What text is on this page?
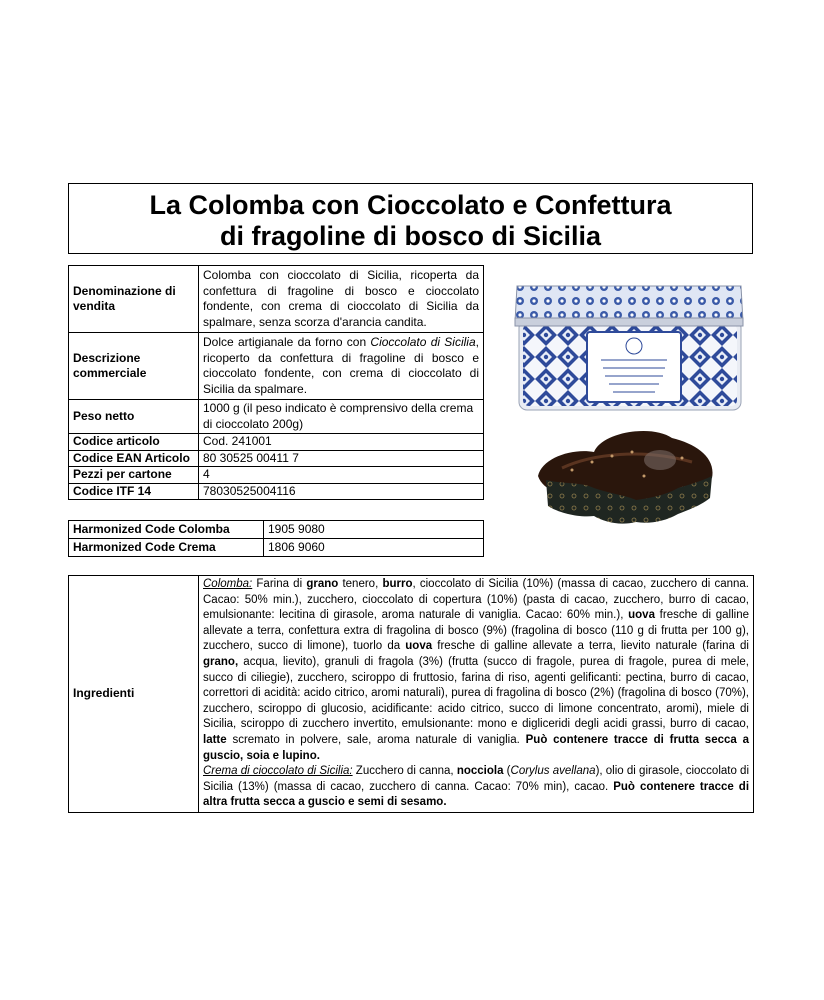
La Colomba con Cioccolato e Confettura
di fragoline di bosco di Sicilia
Denominazione di vendita	Colomba con cioccolato di Sicilia, ricoperta da confettura di fragoline di bosco e cioccolato fondente, con crema di cioccolato di Sicilia da spalmare, senza scorza d'arancia candita.
Descrizione commerciale	Dolce artigianale da forno con Cioccolato di Sicilia, ricoperto da confettura di fragoline di bosco e cioccolato fondente, con crema di cioccolato di Sicilia da spalmare.
Peso netto	1000 g (il peso indicato è comprensivo della crema di cioccolato 200g)
Codice articolo	Cod. 241001
Codice EAN Articolo	80 30525 00411 7
Pezzi per cartone	4
Codice ITF 14	78030525004116
Harmonized Code Colomba	1905 9080
Harmonized Code Crema	1806 9060
Ingredienti	Colomba: Farina di grano tenero, burro, cioccolato di Sicilia (10%) (massa di cacao, zucchero di canna. Cacao: 50% min.), zucchero, cioccolato di copertura (10%) (pasta di cacao, zucchero, burro di cacao, emulsionante: lecitina di girasole, aroma naturale di vaniglia. Cacao: 60% min.), uova fresche di galline allevate a terra, confettura extra di fragolina di bosco (9%) (fragolina di bosco (110 g di frutta per 100 g), zucchero, succo di limone), tuorlo da uova fresche di galline allevate a terra, lievito naturale (farina di grano, acqua, lievito), granuli di fragola (3%) (frutta (succo di fragole, purea di fragole, purea di mele, succo di ciliegie), zucchero, sciroppo di fruttosio, farina di riso, agenti gelificanti: pectina, burro di cacao, correttori di acidità: acido citrico, aromi naturali), purea di fragolina di bosco (2%) (fragolina di bosco (70%), zucchero, sciroppo di glucosio, acidificante: acido citrico, succo di limone concentrato, aromi), miele di Sicilia, sciroppo di zucchero invertito, emulsionante: mono e digliceridi degli acidi grassi, burro di cacao, latte scremato in polvere, sale, aroma naturale di vaniglia. Può contenere tracce di frutta secca a guscio, soia e lupino.
Crema di cioccolato di Sicilia: Zucchero di canna, nocciola (Corylus avellana), olio di girasole, cioccolato di Sicilia (13%) (massa di cacao, zucchero di canna. Cacao: 70% min), cacao. Può contenere tracce di altra frutta secca a guscio e semi di sesamo.
